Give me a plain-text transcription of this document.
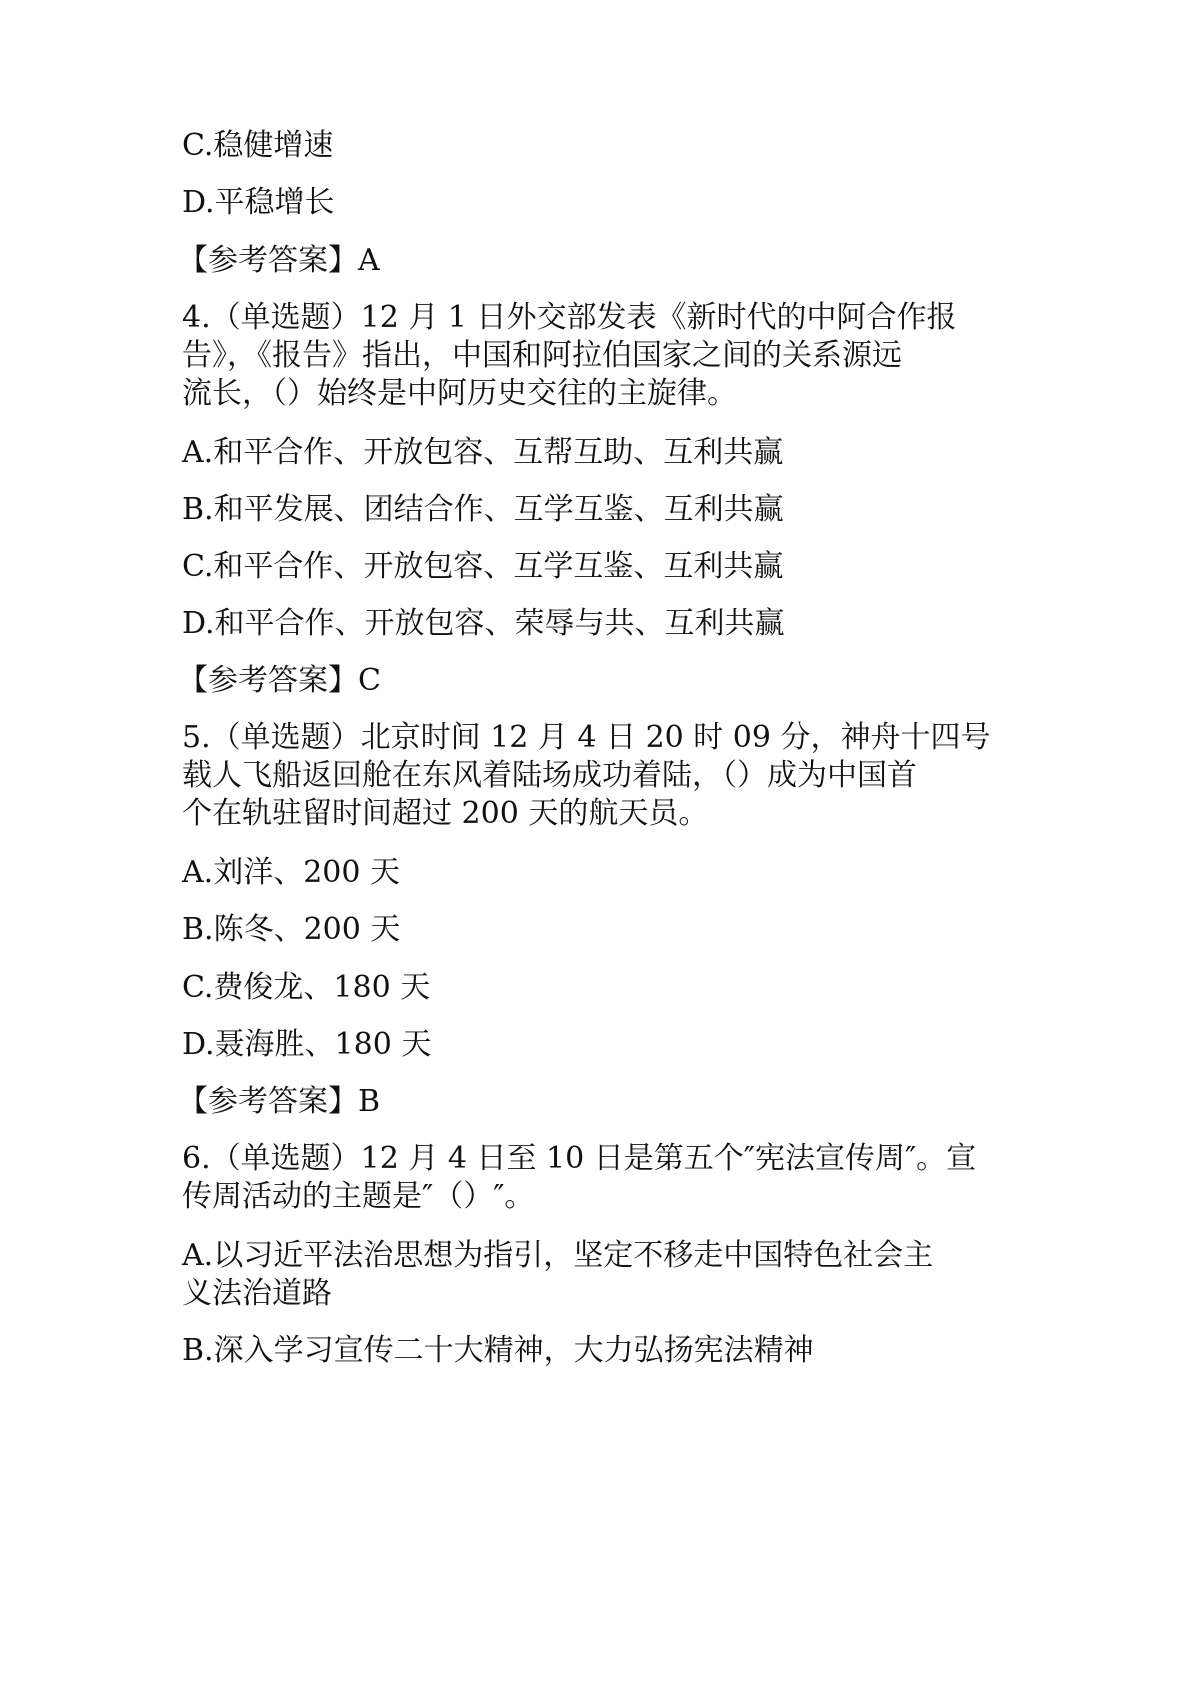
C.稳健增速
D.平稳增长
【参考答案】A
4.（单选题）12 月 1 日外交部发表《新时代的中阿合作报
告》，《报告》指出，中国和阿拉伯国家之间的关系源远
流长，（）始终是中阿历史交往的主旋律。
A.和平合作、开放包容、互帮互助、互利共赢
B.和平发展、团结合作、互学互鉴、互利共赢
C.和平合作、开放包容、互学互鉴、互利共赢
D.和平合作、开放包容、荣辱与共、互利共赢
【参考答案】C
5.（单选题）北京时间 12 月 4 日 20 时 09 分，神舟十四号
载人飞船返回舱在东风着陆场成功着陆，（）成为中国首
个在轨驻留时间超过 200 天的航天员。
A.刘洋、200 天
B.陈冬、200 天
C.费俊龙、180 天
D.聂海胜、180 天
【参考答案】B
6.（单选题）12 月 4 日至 10 日是第五个″宪法宣传周″。宣
传周活动的主题是″（）″。
A.以习近平法治思想为指引，坚定不移走中国特色社会主
义法治道路
B.深入学习宣传二十大精神，大力弘扬宪法精神
